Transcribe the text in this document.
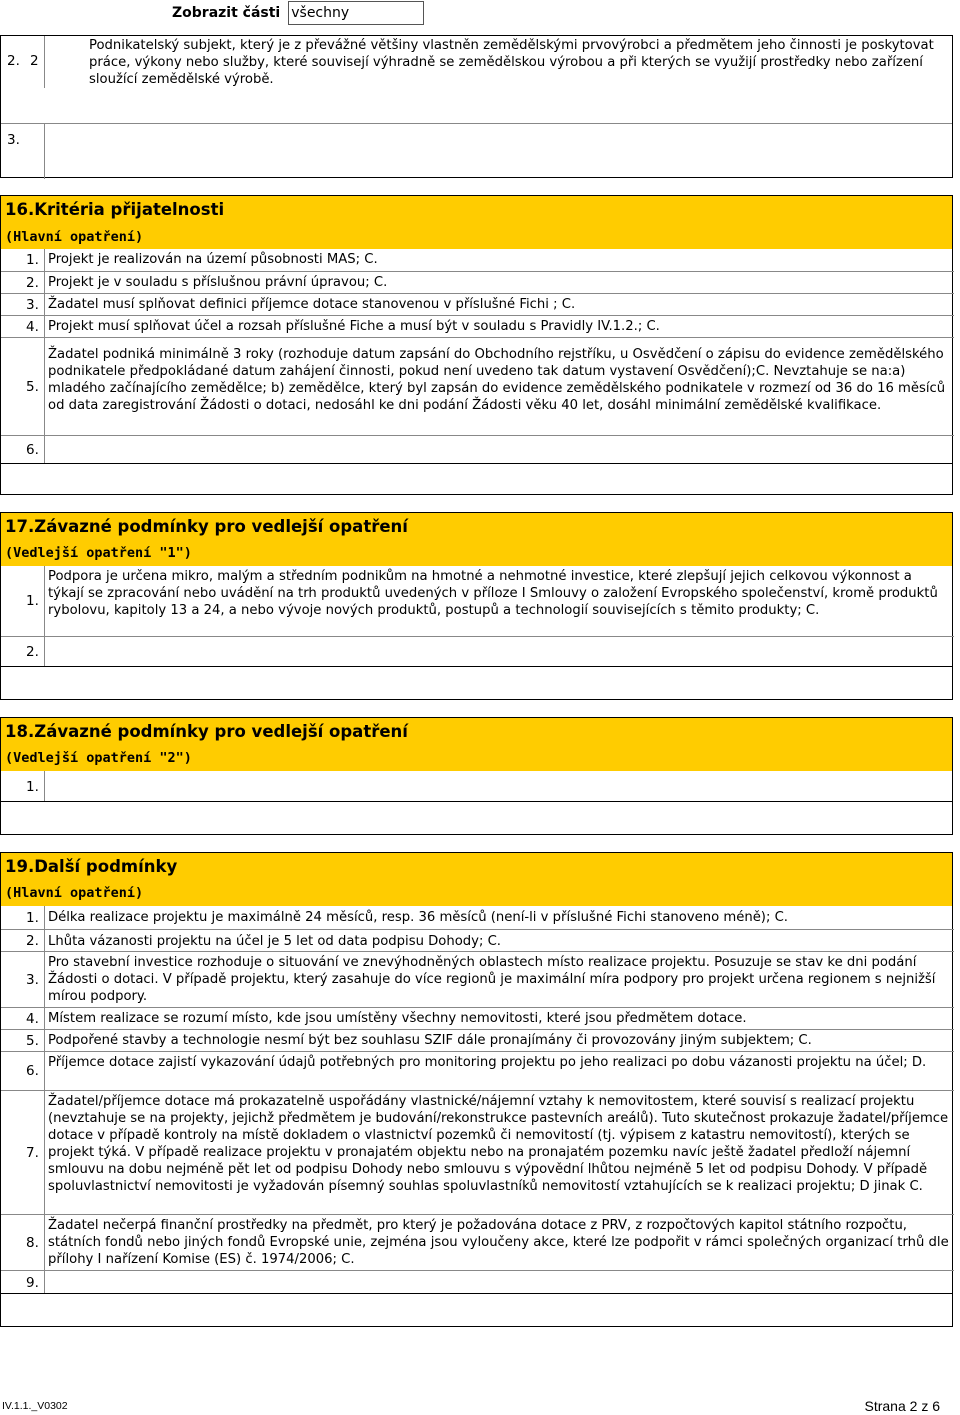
Zobrazit části všechny
2. 2
Podnikatelský subjekt, který je z převážné většiny vlastněn zemědělskými prvovýrobci a předmětem jeho činnosti je poskytovat práce, výkony nebo služby, které souvisejí výhradně se zemědělskou výrobou a při kterých se využijí prostředky nebo zařízení sloužící zemědělské výrobě.
3.
16.Kritéria přijatelnosti
(Hlavní opatření)
1. Projekt je realizován na území působnosti MAS; C.
2. Projekt je v souladu s příslušnou právní úpravou; C.
3. Žadatel musí splňovat definici příjemce dotace stanovenou v příslušné Fichi ; C.
4. Projekt musí splňovat účel a rozsah příslušné Fiche a musí být v souladu s Pravidly IV.1.2.; C.
5.
Žadatel podniká minimálně 3 roky (rozhoduje datum zapsání do Obchodního rejstříku, u Osvědčení o zápisu do evidence zemědělského podnikatele předpokládané datum zahájení činnosti, pokud není uvedeno tak datum vystavení Osvědčení);C. Nevztahuje se na:a) mladého začínajícího zemědělce; b) zemědělce, který byl zapsán do evidence zemědělského podnikatele v rozmezí od 36 do 16 měsíců od data zaregistrování Žádosti o dotaci, nedosáhl ke dni podání Žádosti věku 40 let, dosáhl minimální zemědělské kvalifikace.
6.
17.Závazné podmínky pro vedlejší opatření
(Vedlejší opatření "1")
1.
Podpora je určena mikro, malým a středním podnikům na hmotné a nehmotné investice, které zlepšují jejich celkovou výkonnost a týkají se zpracování nebo uvádění na trh produktů uvedených v příloze I Smlouvy o založení Evropského společenství, kromě produktů rybolovu, kapitoly 13 a 24, a nebo vývoje nových produktů, postupů a technologií souvisejících s těmito produkty; C.
2.
18.Závazné podmínky pro vedlejší opatření
(Vedlejší opatření "2")
1.
19.Další podmínky
(Hlavní opatření)
1. Délka realizace projektu je maximálně 24 měsíců, resp. 36 měsíců (není-li v příslušné Fichi stanoveno méně); C.
2. Lhůta vázanosti projektu na účel je 5 let od data podpisu Dohody; C.
3.
Pro stavební investice rozhoduje o situování ve znevýhodněných oblastech místo realizace projektu. Posuzuje se stav ke dni podání Žádosti o dotaci. V případě projektu, který zasahuje do více regionů je maximální míra podpory pro projekt určena regionem s nejnižší mírou podpory.
4. Místem realizace se rozumí místo, kde jsou umístěny všechny nemovitosti, které jsou předmětem dotace.
5. Podpořené stavby a technologie nesmí být bez souhlasu SZIF dále pronajímány či provozovány jiným subjektem; C.
6.
Příjemce dotace zajistí vykazování údajů potřebných pro monitoring projektu po jeho realizaci po dobu vázanosti projektu na účel; D.
7.
Žadatel/příjemce dotace má prokazatelně uspořádány vlastnické/nájemní vztahy k nemovitostem, které souvisí s realizací projektu (nevztahuje se na projekty, jejichž předmětem je budování/rekonstrukce pastevních areálů). Tuto skutečnost prokazuje žadatel/příjemce dotace v případě kontroly na místě dokladem o vlastnictví pozemků či nemovitostí (tj. výpisem z katastru nemovitostí), kterých se projekt týká. V případě realizace projektu v pronajatém objektu nebo na pronajatém pozemku navíc ještě žadatel předloží nájemní smlouvu na dobu nejméně pět let od podpisu Dohody nebo smlouvu s výpovědní lhůtou nejméně 5 let od podpisu Dohody. V případě spoluvlastnictví nemovitosti je vyžadován písemný souhlas spoluvlastníků nemovitostí vztahujících se k realizaci projektu; D jinak C.
8.
Žadatel nečerpá finanční prostředky na předmět, pro který je požadována dotace z PRV, z rozpočtových kapitol státního rozpočtu, státních fondů nebo jiných fondů Evropské unie, zejména jsou vyloučeny akce, které lze podpořit v rámci společných organizací trhů dle přílohy I nařízení Komise (ES) č. 1974/2006; C.
9.
IV.1.1._V0302	Strana 2 z 6
